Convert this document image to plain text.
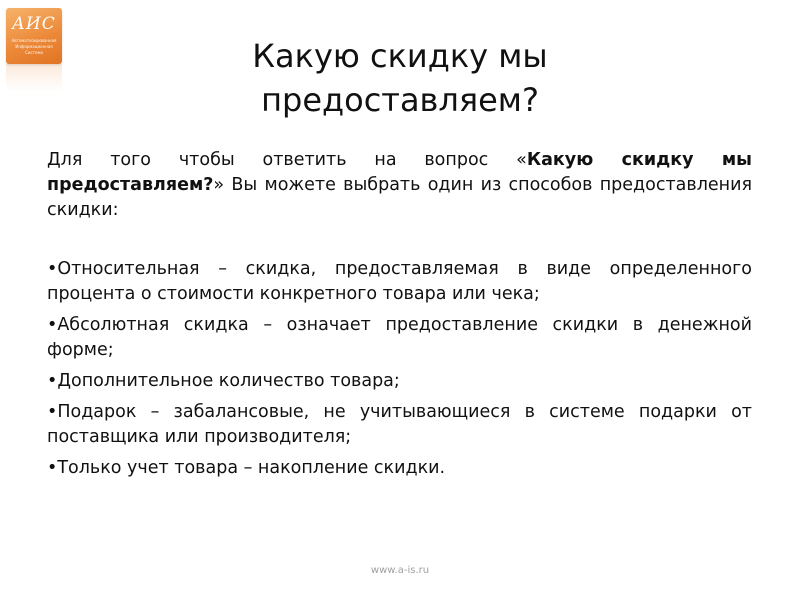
АИС
Автоматизированная Информационная Система	Какую скидку мы
предоставляем?

Для того чтобы ответить на вопрос «Какую скидку мы предоставляем?» Вы можете выбрать один из способов предоставления скидки:

•Относительная – скидка, предоставляемая в виде определенного процента о стоимости конкретного товара или чека;

•Абсолютная скидка – означает предоставление скидки в денежной форме;

•Дополнительное количество товара;

•Подарок – забалансовые, не учитывающиеся в системе подарки от поставщика или производителя;

•Только учет товара – накопление скидки.

www.a-is.ru
